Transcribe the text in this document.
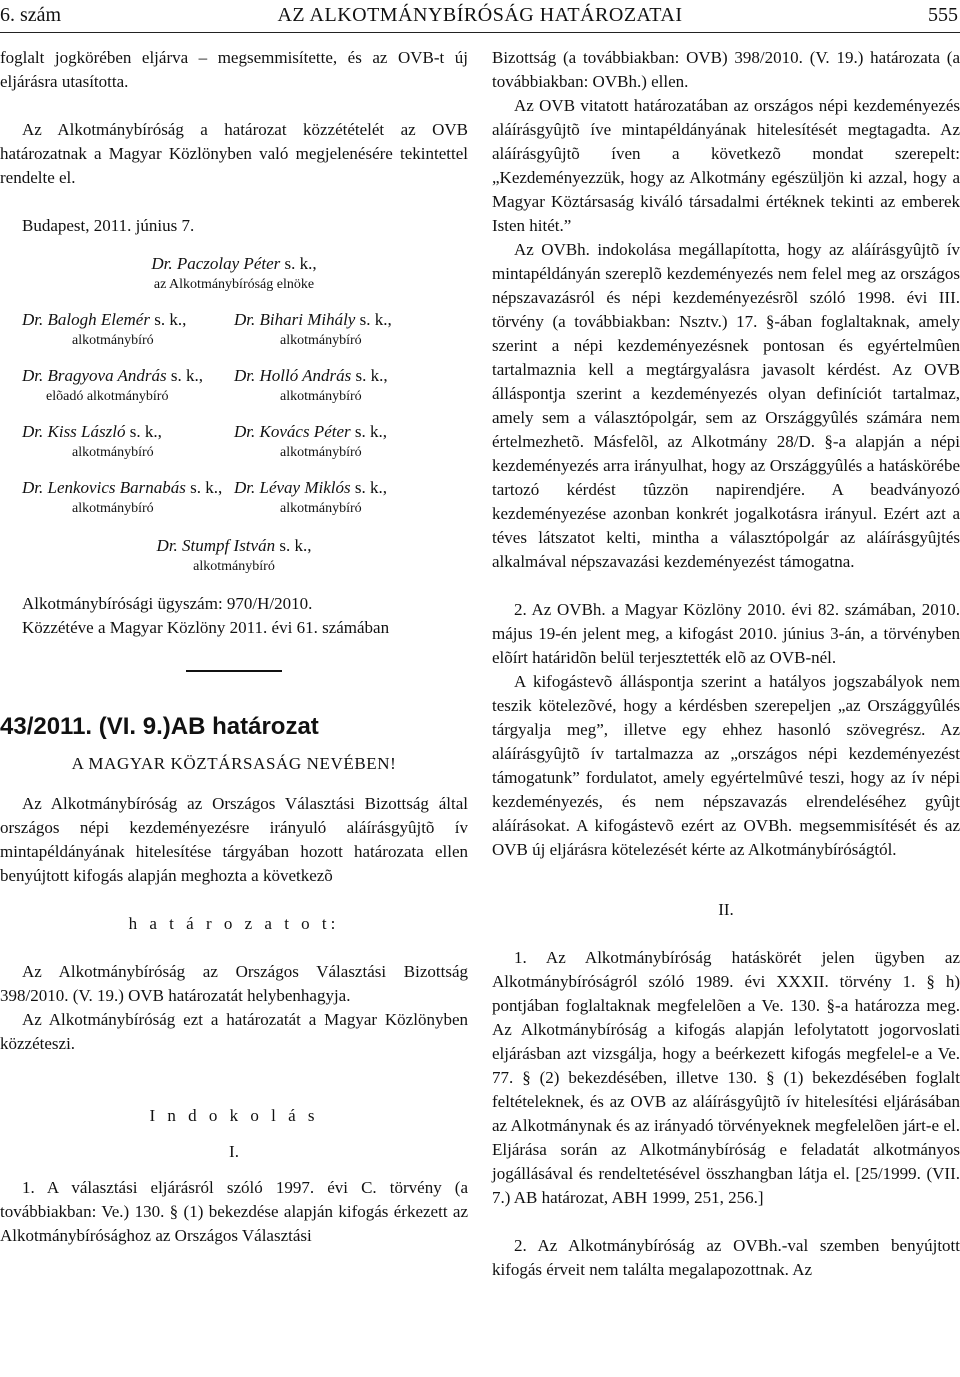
6. szám	AZ ALKOTMÁNYBÍRÓSÁG HATÁROZATAI	555

foglalt jogkörében eljárva – megsemmisítette, és az OVB-t új eljárásra utasította.

Az Alkotmánybíróság a határozat közzétételét az OVB határozatnak a Magyar Közlönyben való megjelenésére tekintettel rendelte el.

Budapest, 2011. június 7.

Dr. Paczolay Péter s. k.,
az Alkotmánybíróság elnöke
Dr. Balogh Elemér s. k.,
alkotmánybíró
Dr. Bihari Mihály s. k.,
alkotmánybíró
Dr. Bragyova András s. k.,
elõadó alkotmánybíró
Dr. Holló András s. k.,
alkotmánybíró
Dr. Kiss László s. k.,
alkotmánybíró
Dr. Kovács Péter s. k.,
alkotmánybíró
Dr. Lenkovics Barnabás s. k.,
alkotmánybíró
Dr. Lévay Miklós s. k.,
alkotmánybíró
Dr. Stumpf István s. k.,
alkotmánybíró
Alkotmánybírósági ügyszám: 970/H/2010.
Közzétéve a Magyar Közlöny 2011. évi 61. számában
43/2011. (VI. 9.)AB határozat
A MAGYAR KÖZTÁRSASÁG NEVÉBEN!

Az Alkotmánybíróság az Országos Választási Bizottság által országos népi kezdeményezésre irányuló aláírásgyûjtõ ív mintapéldányának hitelesítése tárgyában hozott határozata ellen benyújtott kifogás alapján meghozta a következõ

h a t á r o z a t o t:

Az Alkotmánybíróság az Országos Választási Bizottság 398/2010. (V. 19.) OVB határozatát helybenhagyja.

Az Alkotmánybíróság ezt a határozatát a Magyar Közlönyben közzéteszi.

I n d o k o l á s
I.

1. A választási eljárásról szóló 1997. évi C. törvény (a továbbiakban: Ve.) 130. § (1) bekezdése alapján kifogás érkezett az Alkotmánybírósághoz az Országos Választási

Bizottság (a továbbiakban: OVB) 398/2010. (V. 19.) határozata (a továbbiakban: OVBh.) ellen.

Az OVB vitatott határozatában az országos népi kezdeményezés aláírásgyûjtõ íve mintapéldányának hitelesítését megtagadta. Az aláírásgyûjtõ íven a következõ mondat szerepelt: „Kezdeményezzük, hogy az Alkotmány egészüljön ki azzal, hogy a Magyar Köztársaság kiváló társadalmi értéknek tekinti az emberek Isten hitét.”

Az OVBh. indokolása megállapította, hogy az aláírásgyûjtõ ív mintapéldányán szereplõ kezdeményezés nem felel meg az országos népszavazásról és népi kezdeményezésrõl szóló 1998. évi III. törvény (a továbbiakban: Nsztv.) 17. §-ában foglaltaknak, amely szerint a népi kezdeményezésnek pontosan és egyértelmûen tartalmaznia kell a megtárgyalásra javasolt kérdést. Az OVB álláspontja szerint a kezdeményezés olyan definíciót tartalmaz, amely sem a választópolgár, sem az Országgyûlés számára nem értelmezhetõ. Másfelõl, az Alkotmány 28/D. §-a alapján a népi kezdeményezés arra irányulhat, hogy az Országgyûlés a hatáskörébe tartozó kérdést tûzzön napirendjére. A beadványozó kezdeményezése azonban konkrét jogalkotásra irányul. Ezért azt a téves látszatot kelti, mintha a választópolgár az aláírásgyûjtés alkalmával népszavazási kezdeményezést támogatna.

2. Az OVBh. a Magyar Közlöny 2010. évi 82. számában, 2010. május 19-én jelent meg, a kifogást 2010. június 3-án, a törvényben elõírt határidõn belül terjesztették elõ az OVB-nél.

A kifogástevõ álláspontja szerint a hatályos jogszabályok nem teszik kötelezõvé, hogy a kérdésben szerepeljen „az Országgyûlés tárgyalja meg”, illetve egy ehhez hasonló szövegrész. Az aláírásgyûjtõ ív tartalmazza az „országos népi kezdeményezést támogatunk” fordulatot, amely egyértelmûvé teszi, hogy az ív népi kezdeményezés, és nem népszavazás elrendeléséhez gyûjt aláírásokat. A kifogástevõ ezért az OVBh. megsemmisítését és az OVB új eljárásra kötelezését kérte az Alkotmánybíróságtól.

II.

1. Az Alkotmánybíróság hatáskörét jelen ügyben az Alkotmánybíróságról szóló 1989. évi XXXII. törvény 1. § h) pontjában foglaltaknak megfelelõen a Ve. 130. §-a határozza meg. Az Alkotmánybíróság a kifogás alapján lefolytatott jogorvoslati eljárásban azt vizsgálja, hogy a beérkezett kifogás megfelel-e a Ve. 77. § (2) bekezdésében, illetve 130. § (1) bekezdésében foglalt feltételeknek, és az OVB az aláírásgyûjtõ ív hitelesítési eljárásában az Alkotmánynak és az irányadó törvényeknek megfelelõen járt-e el. Eljárása során az Alkotmánybíróság e feladatát alkotmányos jogállásával és rendeltetésével összhangban látja el. [25/1999. (VII. 7.) AB határozat, ABH 1999, 251, 256.]

2. Az Alkotmánybíróság az OVBh.-val szemben benyújtott kifogás érveit nem találta megalapozottnak. Az
